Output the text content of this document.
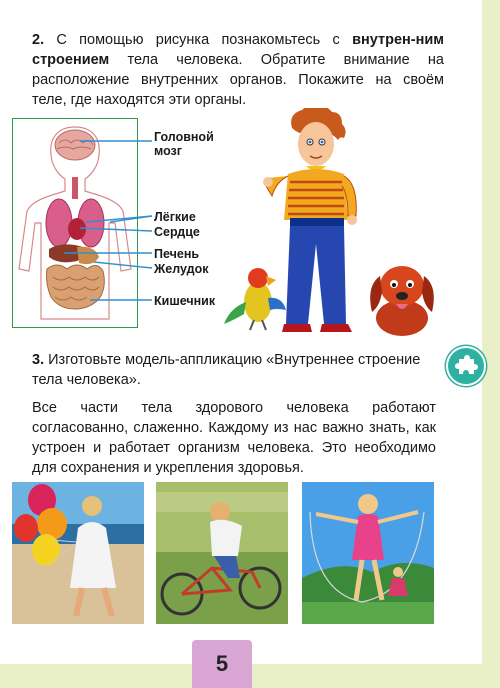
2. С помощью рисунка познакомьтесь с внутрен-ним строением тела человека. Обратите внимание на расположение внутренних органов. Покажите на своём теле, где находятся эти органы.

Головной
мозг
Лёгкие
Сердце
Печень
Желудок
Кишечник

3. Изготовьте модель-аппликацию «Внутреннее строение тела человека».

Все части тела здорового человека работают согласованно, слаженно. Каждому из нас важно знать, как устроен и работает организм человека. Это необходимо для сохранения и укрепления здоровья.

5
